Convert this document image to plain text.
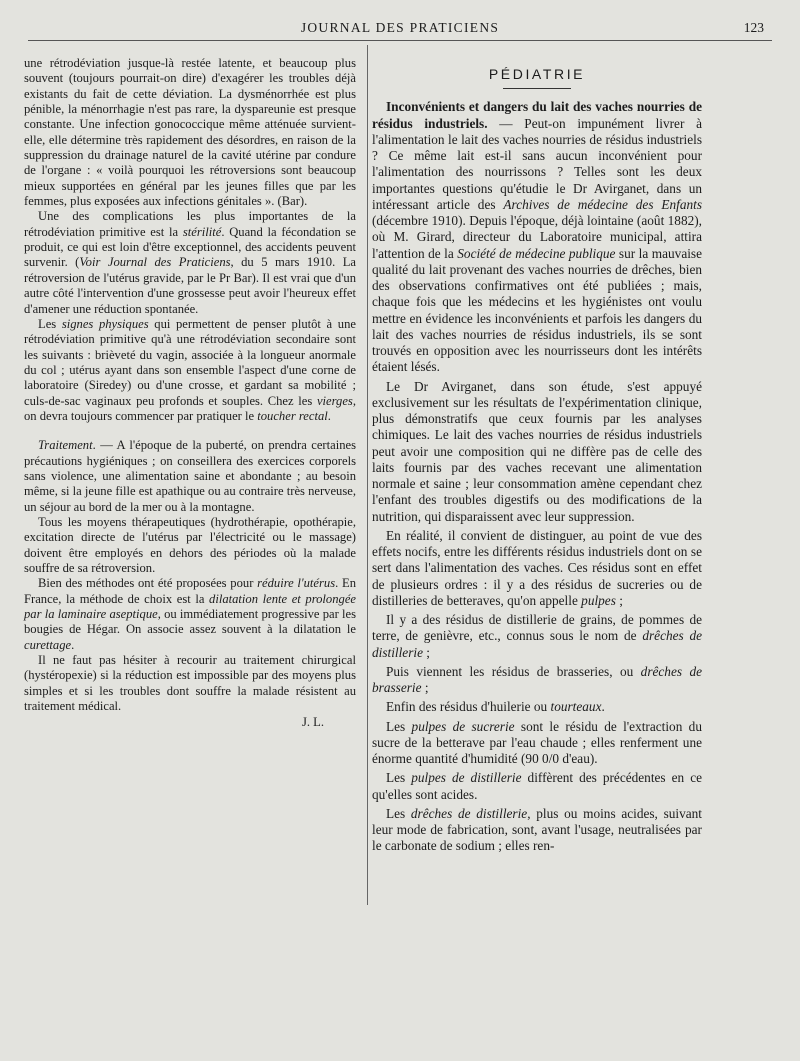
JOURNAL DES PRATICIENS	123

une rétrodéviation jusque-là restée latente, et beaucoup plus souvent (toujours pourrait-on dire) d'exagérer les troubles déjà existants du fait de cette déviation. La dysménorrhée est plus pénible, la ménorrhagie n'est pas rare, la dyspareunie est presque constante. Une infection gonococcique même atténuée survient-elle, elle détermine très rapidement des désordres, en raison de la suppression du drainage naturel de la cavité utérine par condure de l'organe : « voilà pourquoi les rétroversions sont beaucoup mieux supportées en général par les jeunes filles que par les femmes, plus exposées aux infections génitales ». (Bar).

Une des complications les plus importantes de la rétrodéviation primitive est la stérilité. Quand la fécondation se produit, ce qui est loin d'être exceptionnel, des accidents peuvent survenir. (Voir Journal des Praticiens, du 5 mars 1910. La rétroversion de l'utérus gravide, par le Pr Bar). Il est vrai que d'un autre côté l'intervention d'une grossesse peut avoir l'heureux effet d'amener une réduction spontanée.

Les signes physiques qui permettent de penser plutôt à une rétrodéviation primitive qu'à une rétrodéviation secondaire sont les suivants : brièveté du vagin, associée à la longueur anormale du col ; utérus ayant dans son ensemble l'aspect d'une corne de laboratoire (Siredey) ou d'une crosse, et gardant sa mobilité ; culs-de-sac vaginaux peu profonds et souples. Chez les vierges, on devra toujours commencer par pratiquer le toucher rectal.

Traitement. — A l'époque de la puberté, on prendra certaines précautions hygiéniques ; on conseillera des exercices corporels sans violence, une alimentation saine et abondante ; au besoin même, si la jeune fille est apathique ou au contraire très nerveuse, un séjour au bord de la mer ou à la montagne.

Tous les moyens thérapeutiques (hydrothérapie, opothérapie, excitation directe de l'utérus par l'électricité ou le massage) doivent être employés en dehors des périodes où la malade souffre de sa rétroversion.

Bien des méthodes ont été proposées pour réduire l'utérus. En France, la méthode de choix est la dilatation lente et prolongée par la laminaire aseptique, ou immédiatement progressive par les bougies de Hégar. On associe assez souvent à la dilatation le curettage.

Il ne faut pas hésiter à recourir au traitement chirurgical (hystéropexie) si la réduction est impossible par des moyens plus simples et si les troubles dont souffre la malade résistent au traitement médical.

J. L.

PÉDIATRIE

Inconvénients et dangers du lait des vaches nourries de résidus industriels. — Peut-on impunément livrer à l'alimentation le lait des vaches nourries de résidus industriels ? Ce même lait est-il sans aucun inconvénient pour l'alimentation des nourrissons ? Telles sont les deux importantes questions qu'étudie le Dr Avirganet, dans un intéressant article des Archives de médecine des Enfants (décembre 1910). Depuis l'époque, déjà lointaine (août 1882), où M. Girard, directeur du Laboratoire municipal, attira l'attention de la Société de médecine publique sur la mauvaise qualité du lait provenant des vaches nourries de drêches, bien des observations confirmatives ont été publiées ; mais, chaque fois que les médecins et les hygiénistes ont voulu mettre en évidence les inconvénients et parfois les dangers du lait des vaches nourries de résidus industriels, ils se sont trouvés en opposition avec les nourrisseurs dont les intérêts étaient lésés.

Le Dr Avirganet, dans son étude, s'est appuyé exclusivement sur les résultats de l'expérimentation clinique, plus démonstratifs que ceux fournis par les analyses chimiques. Le lait des vaches nourries de résidus industriels peut avoir une composition qui ne diffère pas de celle des laits fournis par des vaches recevant une alimentation normale et saine ; leur consommation amène cependant chez l'enfant des troubles digestifs ou des modifications de la nutrition, qui disparaissent avec leur suppression.

En réalité, il convient de distinguer, au point de vue des effets nocifs, entre les différents résidus industriels dont on se sert dans l'alimentation des vaches. Ces résidus sont en effet de plusieurs ordres : il y a des résidus de sucreries ou de distilleries de betteraves, qu'on appelle pulpes ;

Il y a des résidus de distillerie de grains, de pommes de terre, de genièvre, etc., connus sous le nom de drêches de distillerie ;

Puis viennent les résidus de brasseries, ou drêches de brasserie ;

Enfin des résidus d'huilerie ou tourteaux.

Les pulpes de sucrerie sont le résidu de l'extraction du sucre de la betterave par l'eau chaude ; elles renferment une énorme quantité d'humidité (90 0/0 d'eau).

Les pulpes de distillerie diffèrent des précédentes en ce qu'elles sont acides.

Les drêches de distillerie, plus ou moins acides, suivant leur mode de fabrication, sont, avant l'usage, neutralisées par le carbonate de sodium ; elles ren-
